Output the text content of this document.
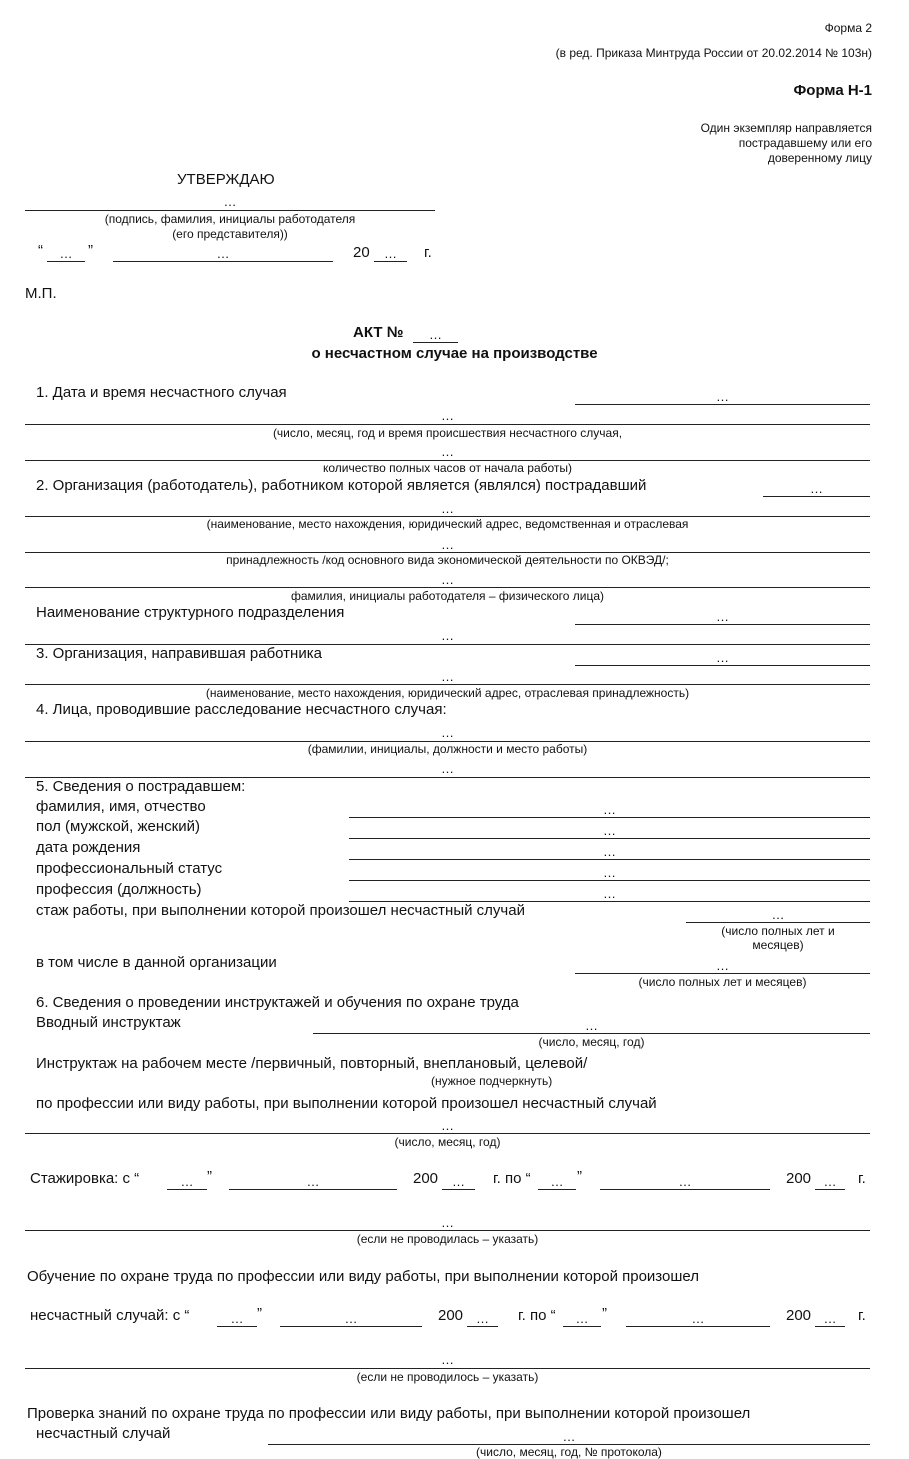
Форма 2
(в ред. Приказа Минтруда России от 20.02.2014 № 103н)
Форма Н-1
Один экземпляр направляется
пострадавшему или его
доверенному лицу
УТВЕРЖДАЮ
…
(подпись, фамилия, инициалы работодателя
(его представителя))
“	…	”	…	20	…	г.
М.П.
АКТ №	…
о несчастном случае на производстве
1. Дата и время несчастного случая	…
…
(число, месяц, год и время происшествия несчастного случая,
…
количество полных часов от начала работы)
2. Организация (работодатель), работником которой является (являлся) пострадавший	…
…
(наименование, место нахождения, юридический адрес, ведомственная и отраслевая
…
принадлежность /код основного вида экономической деятельности по ОКВЭД/;
…
фамилия, инициалы работодателя – физического лица)
Наименование структурного подразделения	…
…
3. Организация, направившая работника	…
…
(наименование, место нахождения, юридический адрес, отраслевая принадлежность)
4. Лица, проводившие расследование несчастного случая:
…
(фамилии, инициалы, должности и место работы)
…
5. Сведения о пострадавшем:
фамилия, имя, отчество	…
пол (мужской, женский)	…
дата рождения	…
профессиональный статус	…
профессия (должность)	…
стаж работы, при выполнении которой произошел несчастный случай	…
(число полных лет и
месяцев)
в том числе в данной организации	…
(число полных лет и месяцев)
6. Сведения о проведении инструктажей и обучения по охране труда
Вводный инструктаж	…
(число, месяц, год)
Инструктаж на рабочем месте /первичный, повторный, внеплановый, целевой/
(нужное подчеркнуть)
по профессии или виду работы, при выполнении которой произошел несчастный случай
…
(число, месяц, год)
Стажировка: с “	… ”	…	200	…	г. по “	… ”	…	200 …	г.
…
(если не проводилась – указать)
Обучение по охране труда по профессии или виду работы, при выполнении которой произошел
несчастный случай: с “	… ”	…	200 …	г. по “	… ”	…	200 …	г.
…
(если не проводилось – указать)
Проверка знаний по охране труда по профессии или виду работы, при выполнении которой произошел
несчастный случай	…
(число, месяц, год, № протокола)
